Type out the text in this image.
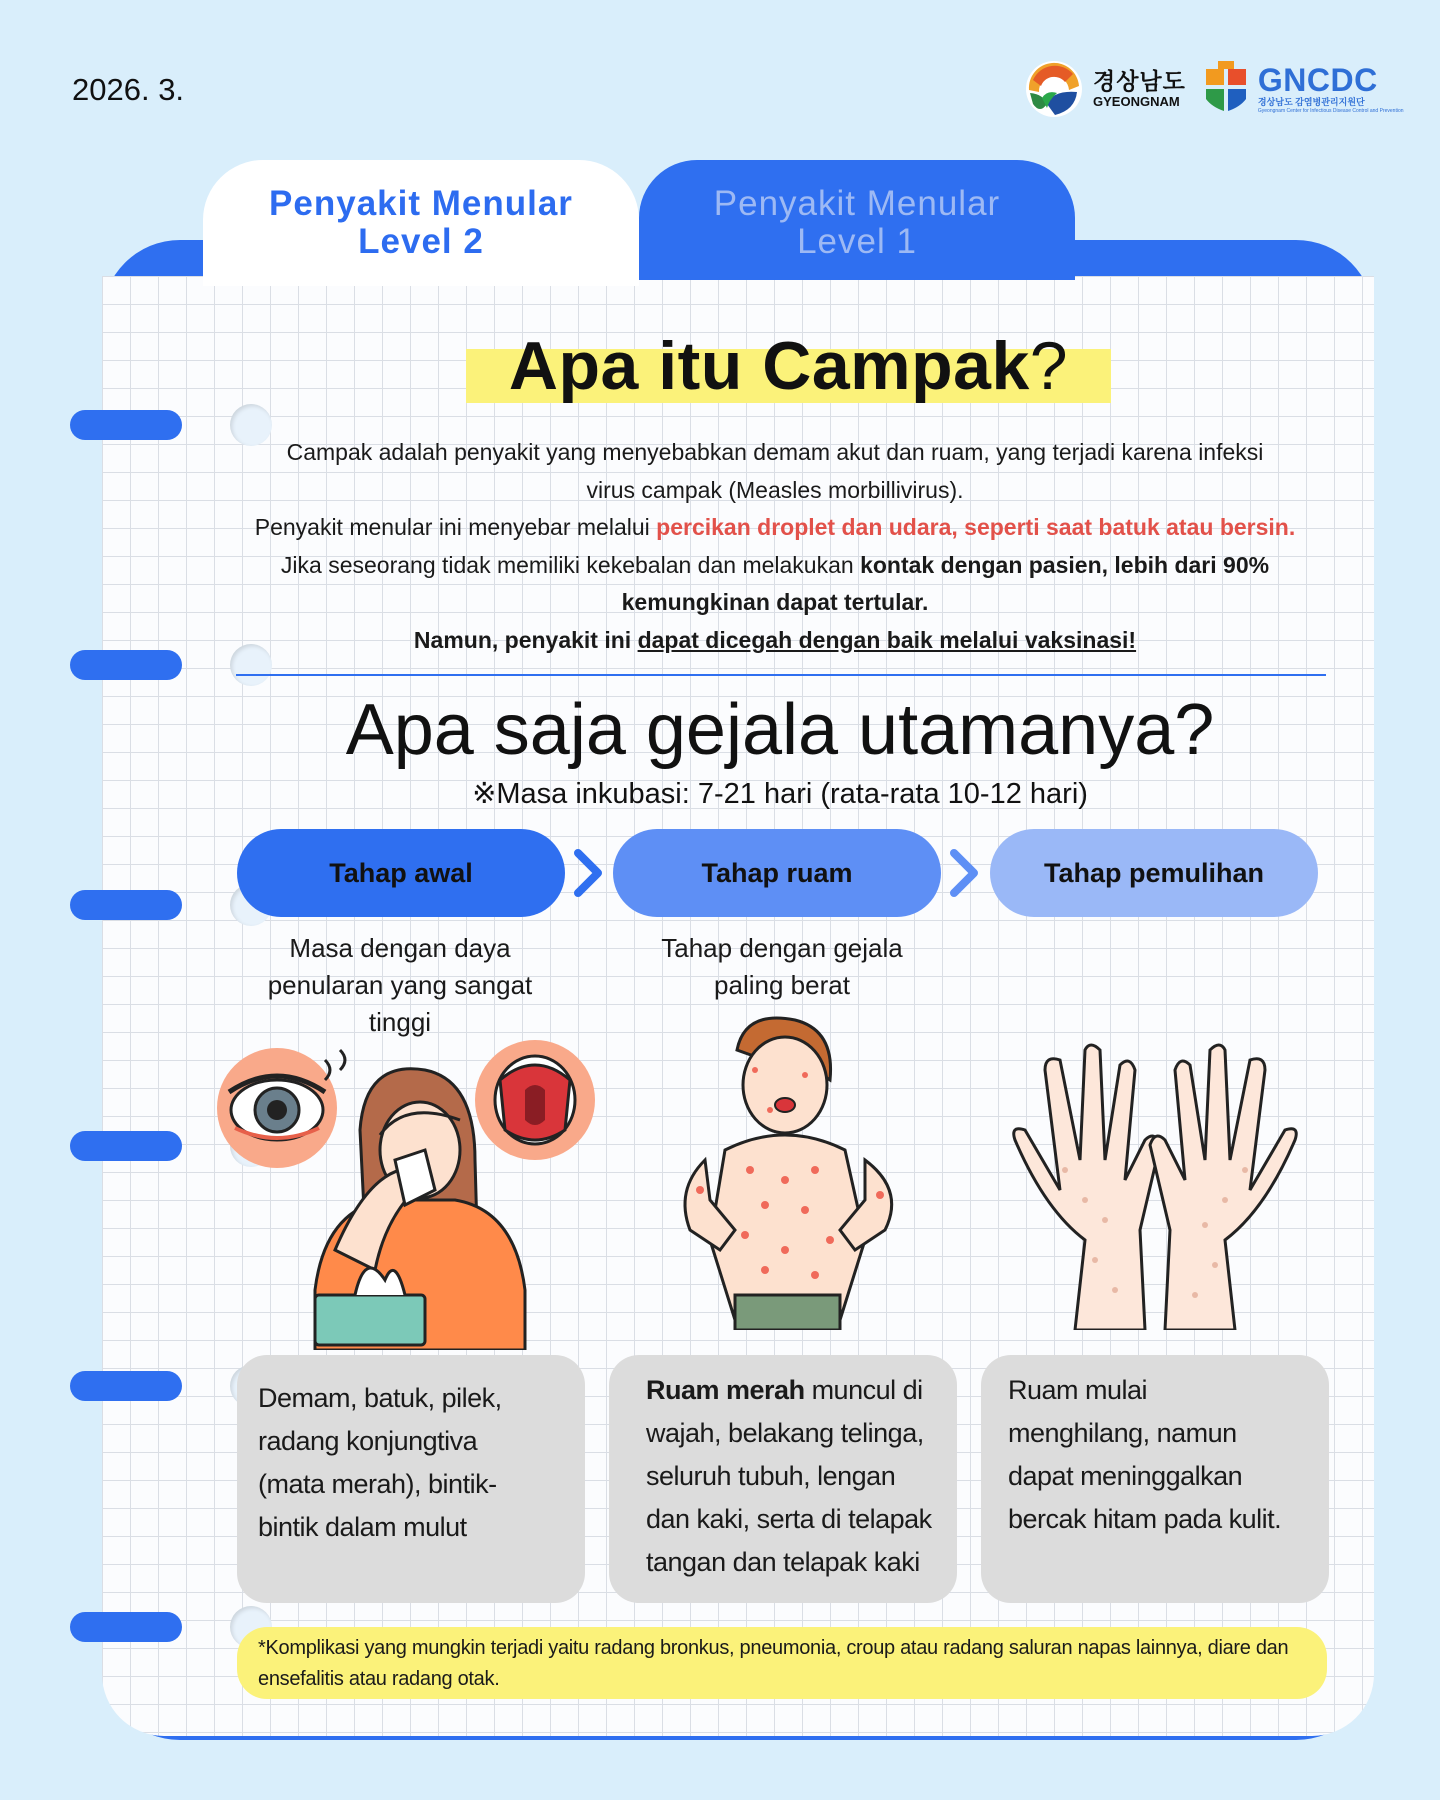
2026. 3.	경상남도
GYEONGNAM
GNCDC
경상남도 감염병관리지원단
Gyeongnam Center for Infectious Disease Control and Prevention
Penyakit Menular
Level 1
Penyakit Menular
Level 2
Apa itu Campak?
Campak adalah penyakit yang menyebabkan demam akut dan ruam, yang terjadi karena infeksi
virus campak (Measles morbillivirus).
Penyakit menular ini menyebar melalui percikan droplet dan udara, seperti saat batuk atau bersin.
Jika seseorang tidak memiliki kekebalan dan melakukan kontak dengan pasien, lebih dari 90%
kemungkinan dapat tertular.
Namun, penyakit ini dapat dicegah dengan baik melalui vaksinasi!
Apa saja gejala utamanya?
※Masa inkubasi: 7-21 hari (rata-rata 10-12 hari)
Tahap awal	Tahap ruam	Tahap pemulihan
Masa dengan daya penularan yang sangat tinggi
Tahap dengan gejala paling berat
Demam, batuk, pilek,
radang konjungtiva
(mata merah), bintik-
bintik dalam mulut
Ruam merah muncul di
wajah, belakang telinga,
seluruh tubuh, lengan
dan kaki, serta di telapak
tangan dan telapak kaki
Ruam mulai
menghilang, namun
dapat meninggalkan
bercak hitam pada kulit.
*Komplikasi yang mungkin terjadi yaitu radang bronkus, pneumonia, croup atau radang saluran napas lainnya, diare dan ensefalitis atau radang otak.
